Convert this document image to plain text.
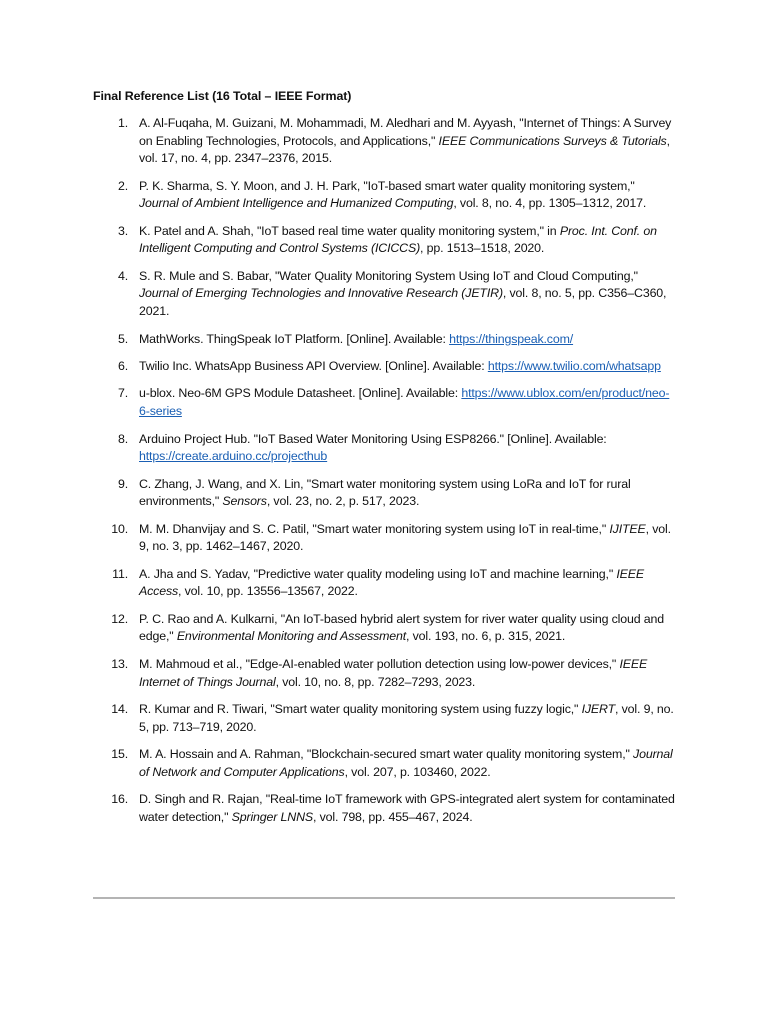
Final Reference List (16 Total – IEEE Format)
1. A. Al-Fuqaha, M. Guizani, M. Mohammadi, M. Aledhari and M. Ayyash, "Internet of Things: A Survey on Enabling Technologies, Protocols, and Applications," IEEE Communications Surveys & Tutorials, vol. 17, no. 4, pp. 2347–2376, 2015.
2. P. K. Sharma, S. Y. Moon, and J. H. Park, "IoT-based smart water quality monitoring system," Journal of Ambient Intelligence and Humanized Computing, vol. 8, no. 4, pp. 1305–1312, 2017.
3. K. Patel and A. Shah, "IoT based real time water quality monitoring system," in Proc. Int. Conf. on Intelligent Computing and Control Systems (ICICCS), pp. 1513–1518, 2020.
4. S. R. Mule and S. Babar, "Water Quality Monitoring System Using IoT and Cloud Computing," Journal of Emerging Technologies and Innovative Research (JETIR), vol. 8, no. 5, pp. C356–C360, 2021.
5. MathWorks. ThingSpeak IoT Platform. [Online]. Available: https://thingspeak.com/
6. Twilio Inc. WhatsApp Business API Overview. [Online]. Available: https://www.twilio.com/whatsapp
7. u-blox. Neo-6M GPS Module Datasheet. [Online]. Available: https://www.ublox.com/en/product/neo-6-series
8. Arduino Project Hub. "IoT Based Water Monitoring Using ESP8266." [Online]. Available: https://create.arduino.cc/projecthub
9. C. Zhang, J. Wang, and X. Lin, "Smart water monitoring system using LoRa and IoT for rural environments," Sensors, vol. 23, no. 2, p. 517, 2023.
10. M. M. Dhanvijay and S. C. Patil, "Smart water monitoring system using IoT in real-time," IJITEE, vol. 9, no. 3, pp. 1462–1467, 2020.
11. A. Jha and S. Yadav, "Predictive water quality modeling using IoT and machine learning," IEEE Access, vol. 10, pp. 13556–13567, 2022.
12. P. C. Rao and A. Kulkarni, "An IoT-based hybrid alert system for river water quality using cloud and edge," Environmental Monitoring and Assessment, vol. 193, no. 6, p. 315, 2021.
13. M. Mahmoud et al., "Edge-AI-enabled water pollution detection using low-power devices," IEEE Internet of Things Journal, vol. 10, no. 8, pp. 7282–7293, 2023.
14. R. Kumar and R. Tiwari, "Smart water quality monitoring system using fuzzy logic," IJERT, vol. 9, no. 5, pp. 713–719, 2020.
15. M. A. Hossain and A. Rahman, "Blockchain-secured smart water quality monitoring system," Journal of Network and Computer Applications, vol. 207, p. 103460, 2022.
16. D. Singh and R. Rajan, "Real-time IoT framework with GPS-integrated alert system for contaminated water detection," Springer LNNS, vol. 798, pp. 455–467, 2024.
